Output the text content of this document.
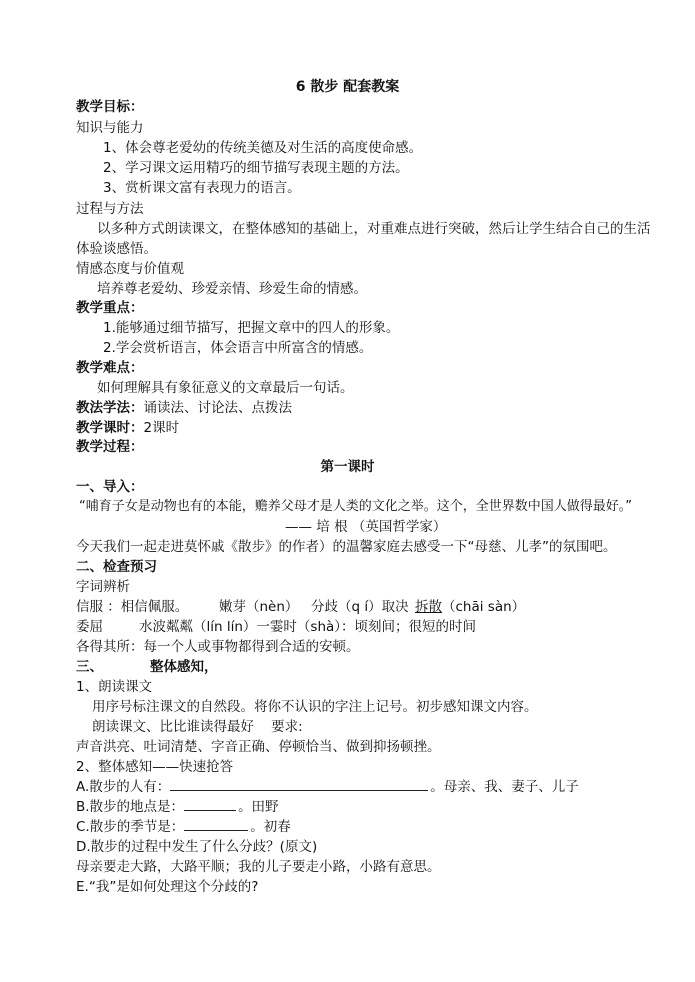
6 散步 配套教案
教学目标：
知识与能力
1、体会尊老爱幼的传统美德及对生活的高度使命感。
2、学习课文运用精巧的细节描写表现主题的方法。
3、赏析课文富有表现力的语言。
过程与方法
以多种方式朗读课文，在整体感知的基础上，对重难点进行突破，然后让学生结合自己的生活
体验谈感悟。
情感态度与价值观
培养尊老爱幼、珍爱亲情、珍爱生命的情感。
教学重点：
1.能够通过细节描写，把握文章中的四人的形象。
2.学会赏析语言，体会语言中所富含的情感。
教学难点：
如何理解具有象征意义的文章最后一句话。
教法学法：诵读法、讨论法、点拨法
教学课时：2课时
教学过程：
第一课时
一、导入：
“哺育子女是动物也有的本能，赡养父母才是人类的文化之举。这个，全世界数中国人做得最好。”
—— 培 根 （英国哲学家）
今天我们一起走进莫怀戚《散步》的作者）的温馨家庭去感受一下“母慈、儿孝”的氛围吧。
二、检查预习
字词辨析
信服 ：相信佩服。 嫩芽（nèn） 分歧（q í）取决 拆散（chāi sàn）
委屈	水波粼粼（lín lín）一霎时（shà）：顷刻间；很短的时间
各得其所：每一个人或事物都得到合适的安顿。
三、          整体感知，
1、朗读课文
用序号标注课文的自然段。将你不认识的字注上记号。初步感知课文内容。
朗读课文、比比谁读得最好    要求:
声音洪亮、吐词清楚、字音正确、停顿恰当、做到抑扬顿挫。
2、整体感知——快速抢答
A.散步的人有：	。母亲、我、妻子、儿子
B.散步的地点是：	。田野
C.散步的季节是：	。初春
D.散步的过程中发生了什么分歧？(原文)
母亲要走大路，大路平顺；我的儿子要走小路，小路有意思。
E.“我”是如何处理这个分歧的?
